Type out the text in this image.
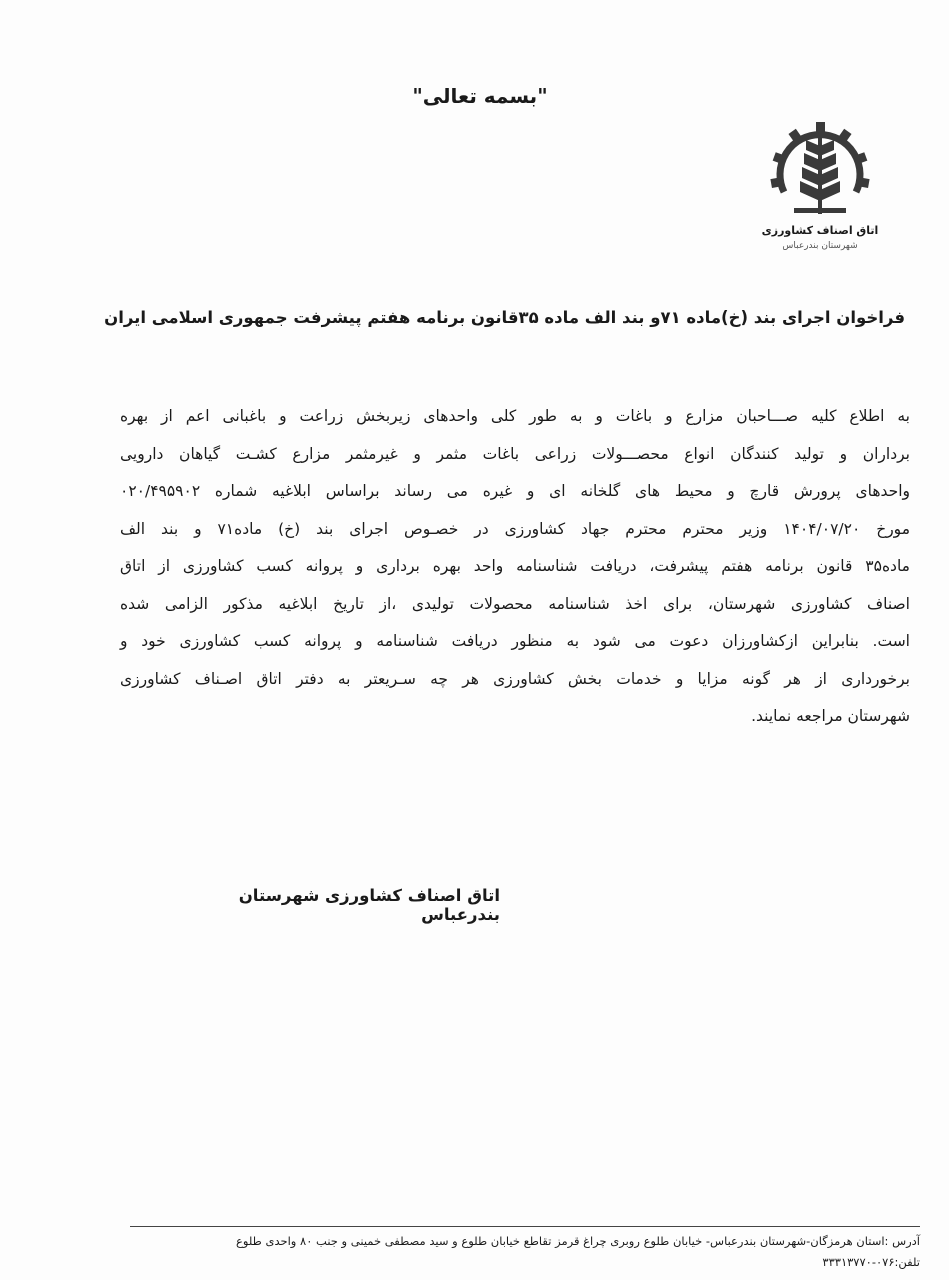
"بسمه تعالی"
اتاق اصناف کشاورزی
شهرستان بندرعباس
فراخوان اجرای بند (خ)ماده ۷۱و بند الف ماده ۳۵قانون برنامه هفتم پیشرفت جمهوری اسلامی ایران
به اطلاع کلیه صـــاحبان مزارع و باغات و به طور کلی واحدهای زیربخش زراعت و باغبانی اعم از بهره
برداران و تولید کنندگان انواع محصـــولات زراعی باغات مثمر و غیرمثمر مزارع کشـت گیاهان دارویی
واحدهای پرورش قارچ و محیط های گلخانه ای و غیره می رساند براساس ابلاغیه شماره ۰۲۰/۴۹۵۹۰۲
مورخ ۱۴۰۴/۰۷/۲۰ وزیر محترم محترم جهاد کشاورزی در خصـوص اجرای بند (خ) ماده۷۱ و بند الف
ماده۳۵ قانون برنامه هفتم پیشرفت، دریافت شناسنامه واحد بهره برداری و پروانه کسب کشاورزی از اتاق
اصناف کشاورزی شهرستان، برای اخذ شناسنامه محصولات تولیدی ،از تاریخ ابلاغیه مذکور الزامی شده
است. بنابراین ازکشاورزان دعوت می شود به منظور دریافت شناسنامه و پروانه کسب کشاورزی خود و
برخورداری از هر گونه مزایا و خدمات بخش کشاورزی هر چه سـریعتر به دفتر اتاق اصـناف کشاورزی
شهرستان مراجعه نمایند.
اتاق اصناف کشاورزی شهرستان بندرعباس
آدرس :استان هرمزگان-شهرستان بندرعباس- خیابان طلوع روبری چراغ قرمز تقاطع خیابان طلوع و سید مصطفی خمینی و جنب ۸۰ واحدی طلوع
تلفن:۰۷۶-۳۳۳۱۳۷۷۰
